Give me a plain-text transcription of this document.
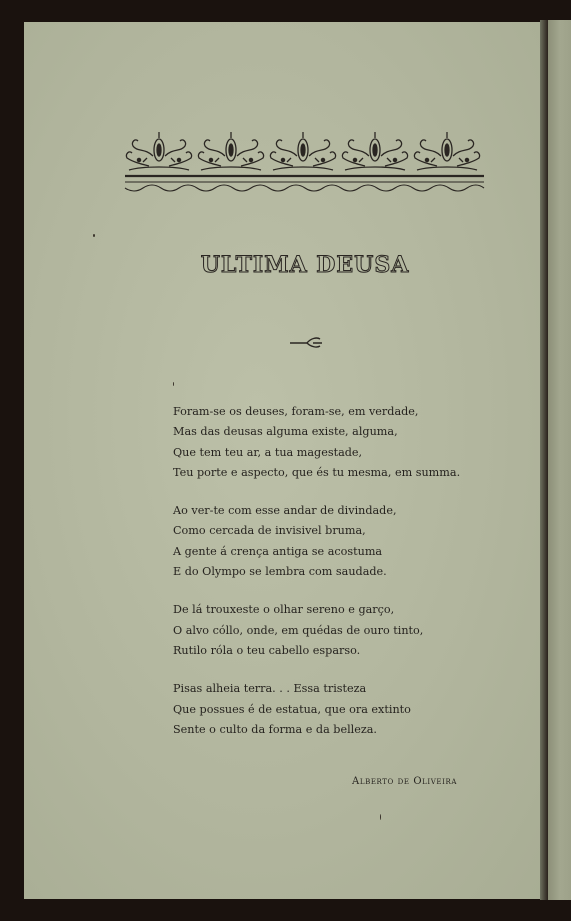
ULTIMA DEUSA
Foram-se os deuses, foram-se, em verdade,
Mas das deusas alguma existe, alguma,
Que tem teu ar, a tua magestade,
Teu porte e aspecto, que és tu mesma, em summa.
Ao ver-te com esse andar de divindade,
Como cercada de invisivel bruma,
A gente á crença antiga se acostuma
E do Olympo se lembra com saudade.
De lá trouxeste o olhar sereno e garço,
O alvo cóllo, onde, em quédas de ouro tinto,
Rutilo róla o teu cabello esparso.
Pisas alheia terra. . . Essa tristeza
Que possues é de estatua, que ora extinto
Sente o culto da forma e da belleza.
Alberto de Oliveira
